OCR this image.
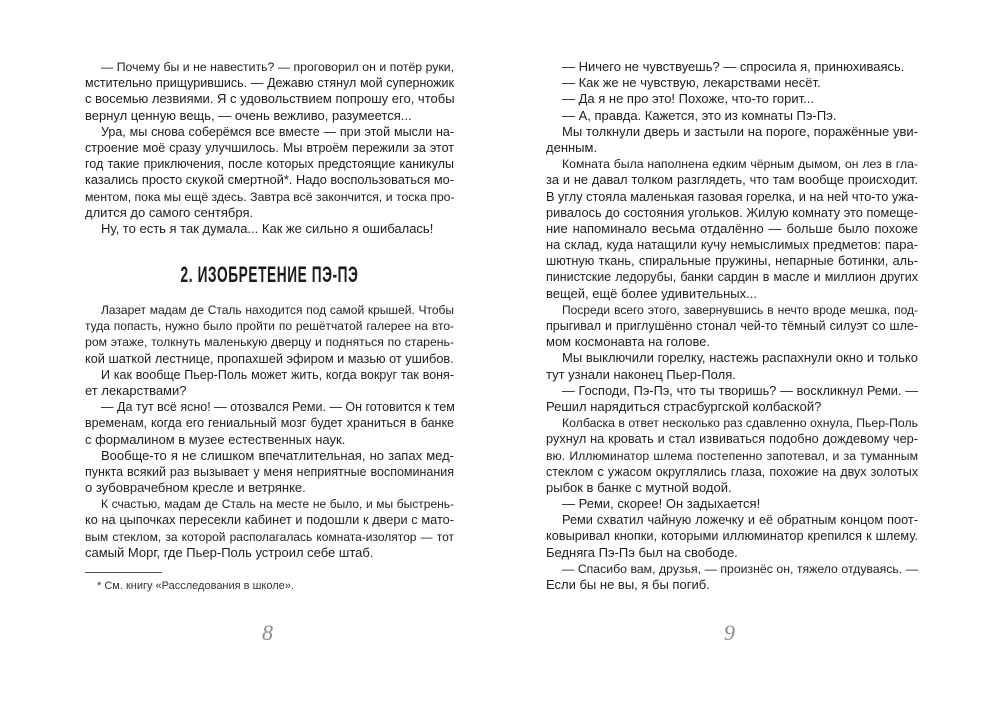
— Почему бы и не навестить? — проговорил он и потёр руки,
мстительно прищурившись. — Дежавю стянул мой суперножик
с восемью лезвиями. Я с удовольствием попрошу его, чтобы
вернул ценную вещь, — очень вежливо, разумеется...
Ура, мы снова соберёмся все вместе — при этой мысли на-
строение моё сразу улучшилось. Мы втроём пережили за этот
год такие приключения, после которых предстоящие каникулы
казались просто скукой смертной*. Надо воспользоваться мо-
ментом, пока мы ещё здесь. Завтра всё закончится, и тоска про-
длится до самого сентября.
Ну, то есть я так думала... Как же сильно я ошибалась!
2. ИЗОБРЕТЕНИЕ ПЭ-ПЭ
Лазарет мадам де Сталь находится под самой крышей. Чтобы
туда попасть, нужно было пройти по решётчатой галерее на вто-
ром этаже, толкнуть маленькую дверцу и подняться по старень-
кой шаткой лестнице, пропахшей эфиром и мазью от ушибов.
И как вообще Пьер-Поль может жить, когда вокруг так воня-
ет лекарствами?
— Да тут всё ясно! — отозвался Реми. — Он готовится к тем
временам, когда его гениальный мозг будет храниться в банке
с формалином в музее естественных наук.
Вообще-то я не слишком впечатлительная, но запах мед-
пункта всякий раз вызывает у меня неприятные воспоминания
о зубоврачебном кресле и ветрянке.
К счастью, мадам де Сталь на месте не было, и мы быстрень-
ко на цыпочках пересекли кабинет и подошли к двери с мато-
вым стеклом, за которой располагалась комната-изолятор — тот
самый Морг, где Пьер-Поль устроил себе штаб.
* См. книгу «Расследования в школе».
8
— Ничего не чувствуешь? — спросила я, принюхиваясь.
— Как же не чувствую, лекарствами несёт.
— Да я не про это! Похоже, что-то горит...
— А, правда. Кажется, это из комнаты Пэ-Пэ.
Мы толкнули дверь и застыли на пороге, поражённые уви-
денным.
Комната была наполнена едким чёрным дымом, он лез в гла-
за и не давал толком разглядеть, что там вообще происходит.
В углу стояла маленькая газовая горелка, и на ней что-то ужа-
ривалось до состояния угольков. Жилую комнату это помеще-
ние напоминало весьма отдалённо — больше было похоже
на склад, куда натащили кучу немыслимых предметов: пара-
шютную ткань, спиральные пружины, непарные ботинки, аль-
пинистские ледорубы, банки сардин в масле и миллион других
вещей, ещё более удивительных...
Посреди всего этого, завернувшись в нечто вроде мешка, под-
прыгивал и приглушённо стонал чей-то тёмный силуэт со шле-
мом космонавта на голове.
Мы выключили горелку, настежь распахнули окно и только
тут узнали наконец Пьер-Поля.
— Господи, Пэ-Пэ, что ты творишь? — воскликнул Реми. —
Решил нарядиться страсбургской колбаской?
Колбаска в ответ несколько раз сдавленно охнула, Пьер-Поль
рухнул на кровать и стал извиваться подобно дождевому чер-
вю. Иллюминатор шлема постепенно запотевал, и за туманным
стеклом с ужасом округлялись глаза, похожие на двух золотых
рыбок в банке с мутной водой.
— Реми, скорее! Он задыхается!
Реми схватил чайную ложечку и её обратным концом поот-
ковыривал кнопки, которыми иллюминатор крепился к шлему.
Бедняга Пэ-Пэ был на свободе.
— Спасибо вам, друзья, — произнёс он, тяжело отдуваясь. —
Если бы не вы, я бы погиб.
9
